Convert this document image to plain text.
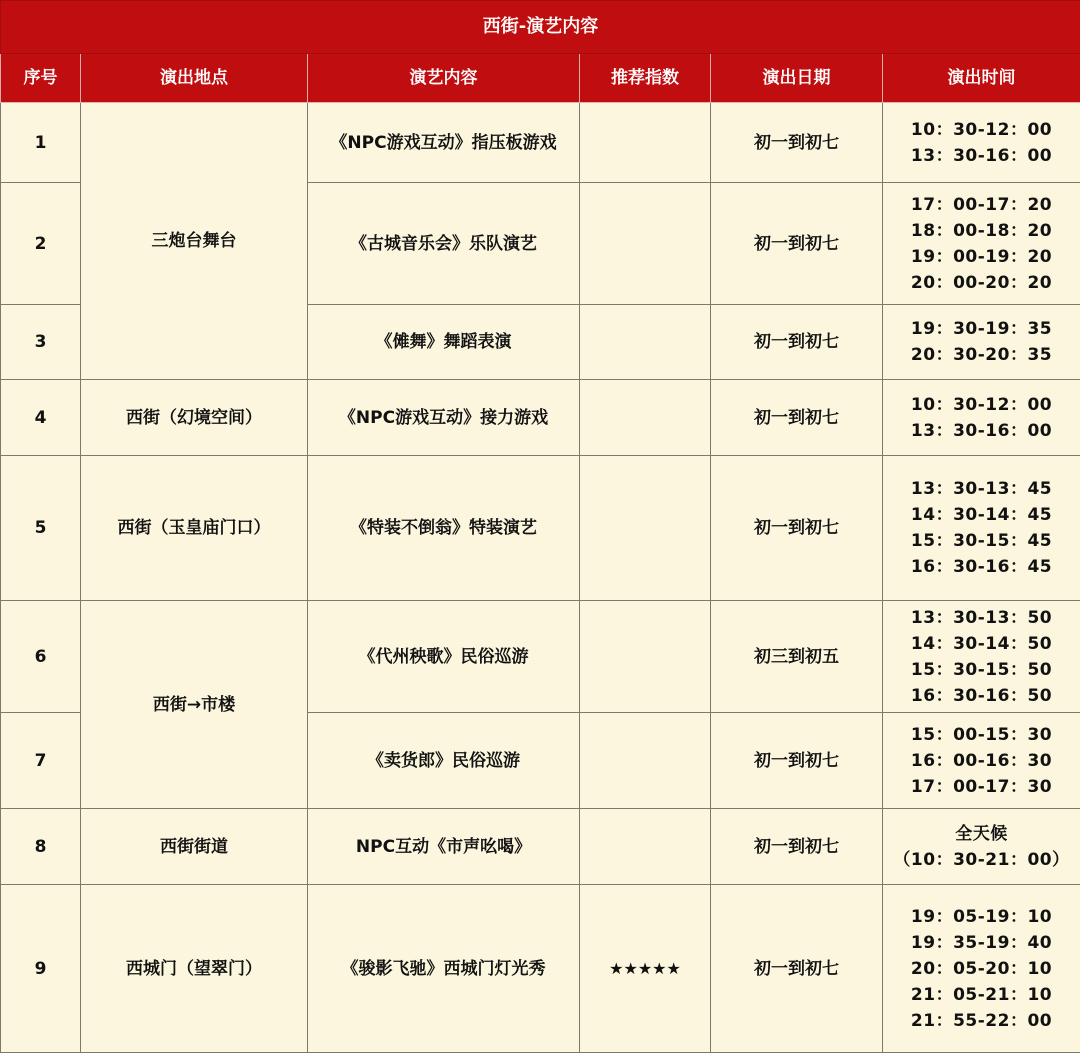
西街-演艺内容					
序号	演出地点	演艺内容	推荐指数	演出日期	演出时间
1	三炮台舞台	《NPC游戏互动》指压板游戏		初一到初七	10：30-12：00
13：30-16：00

2		《古城音乐会》乐队演艺		初一到初七	17：00-17：20
18：00-18：20
19：00-19：20
20：00-20：20

3		《傩舞》舞蹈表演		初一到初七	19：30-19：35
20：30-20：35

4	西街（幻境空间）	《NPC游戏互动》接力游戏		初一到初七	10：30-12：00
13：30-16：00

5	西街（玉皇庙门口）	《特装不倒翁》特装演艺		初一到初七	13：30-13：45
14：30-14：45
15：30-15：45
16：30-16：45

6	西街→市楼	《代州秧歌》民俗巡游		初三到初五	13：30-13：50
14：30-14：50
15：30-15：50
16：30-16：50

7		《卖货郎》民俗巡游		初一到初七	15：00-15：30
16：00-16：30
17：00-17：30

8	西街街道	NPC互动《市声吆喝》		初一到初七	全天候
（10：30-21：00）

9	西城门（望翠门）	《骏影飞驰》西城门灯光秀	★★★★★	初一到初七	19：05-19：10
19：35-19：40
20：05-20：10
21：05-21：10
21：55-22：00
